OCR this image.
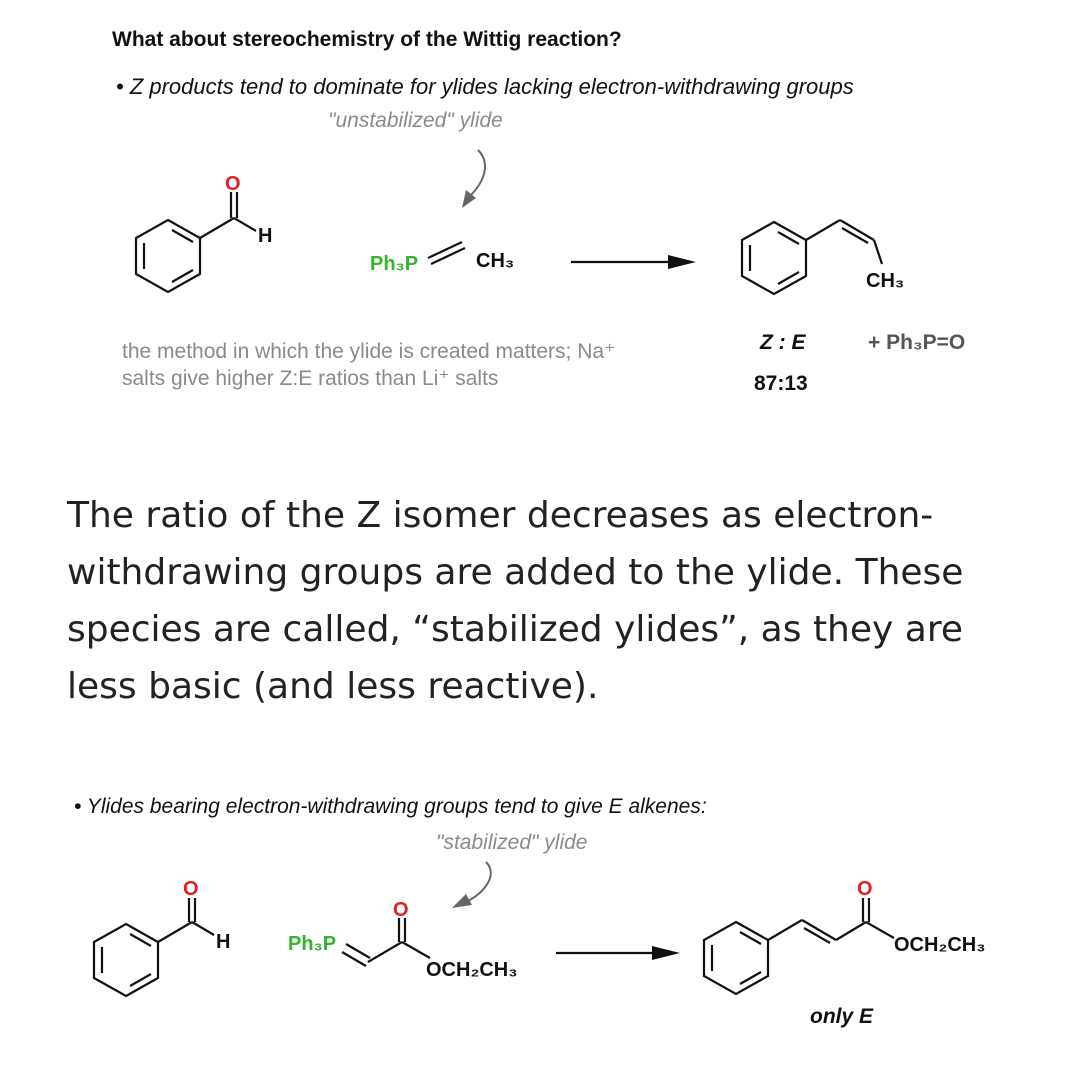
What about stereochemistry of the Wittig reaction?
• Z products tend to dominate for ylides lacking electron-withdrawing groups
"unstabilized" ylide
O
H
Ph₃P	CH₃
CH₃
O
H	Ph₃P
O
OCH₂CH₃
O
OCH₂CH₃
the method in which the ylide is created matters; Na⁺
salts give higher Z:E ratios than Li⁺ salts
Z : E
87:13
+ Ph₃P=O
The ratio of the Z isomer decreases as electron-withdrawing groups are added to the ylide. These species are called, “stabilized ylides”, as they are less basic (and less reactive).
• Ylides bearing electron-withdrawing groups tend to give E alkenes:
"stabilized" ylide
only E
